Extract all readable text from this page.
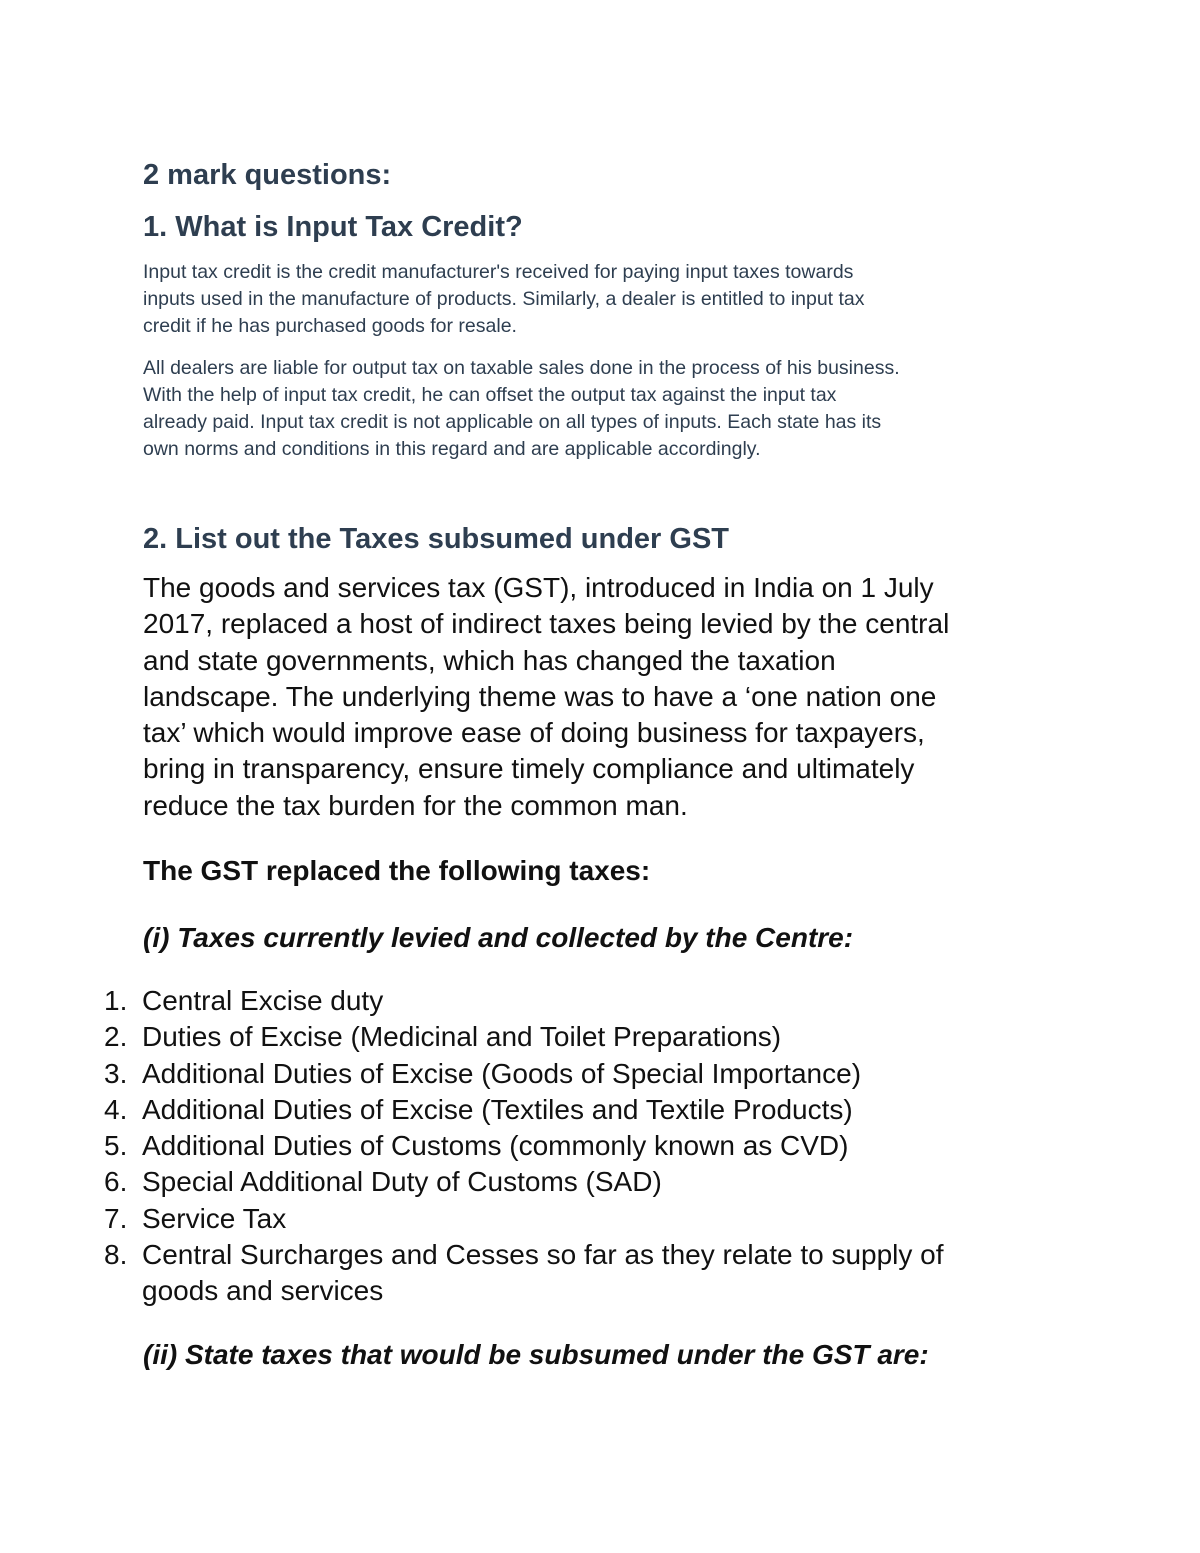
2 mark questions:
1. What is Input Tax Credit?

Input tax credit is the credit manufacturer's received for paying input taxes towards
inputs used in the manufacture of products. Similarly, a dealer is entitled to input tax
credit if he has purchased goods for resale.

All dealers are liable for output tax on taxable sales done in the process of his business.
With the help of input tax credit, he can offset the output tax against the input tax
already paid. Input tax credit is not applicable on all types of inputs. Each state has its
own norms and conditions in this regard and are applicable accordingly.

2. List out the Taxes subsumed under GST

The goods and services tax (GST), introduced in India on 1 July
2017, replaced a host of indirect taxes being levied by the central
and state governments, which has changed the taxation
landscape. The underlying theme was to have a ‘one nation one
tax’ which would improve ease of doing business for taxpayers,
bring in transparency, ensure timely compliance and ultimately
reduce the tax burden for the common man.

The GST replaced the following taxes:
(i) Taxes currently levied and collected by the Centre:
1. Central Excise duty
2. Duties of Excise (Medicinal and Toilet Preparations)
3. Additional Duties of Excise (Goods of Special Importance)
4. Additional Duties of Excise (Textiles and Textile Products)
5. Additional Duties of Customs (commonly known as CVD)
6. Special Additional Duty of Customs (SAD)
7. Service Tax
8. Central Surcharges and Cesses so far as they relate to supply of
goods and services
(ii) State taxes that would be subsumed under the GST are:
